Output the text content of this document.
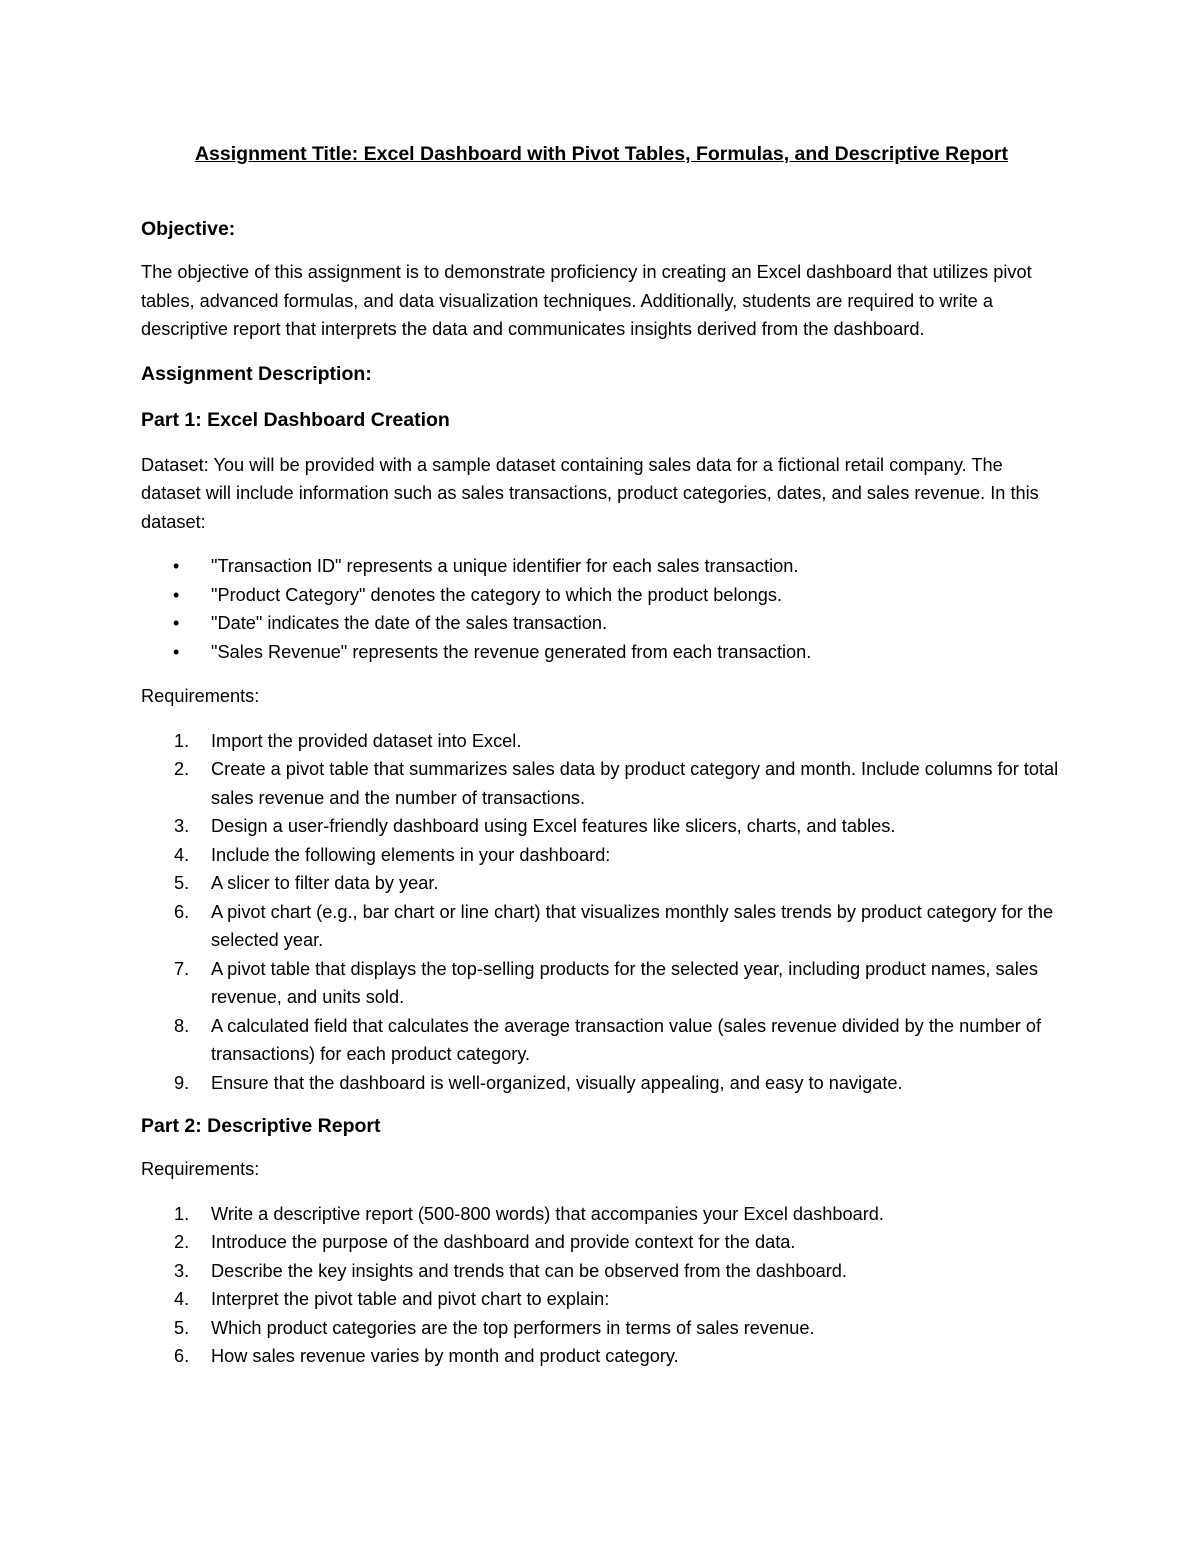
Assignment Title: Excel Dashboard with Pivot Tables, Formulas, and Descriptive Report
Objective:

The objective of this assignment is to demonstrate proficiency in creating an Excel dashboard that utilizes pivot tables, advanced formulas, and data visualization techniques. Additionally, students are required to write a descriptive report that interprets the data and communicates insights derived from the dashboard.

Assignment Description:
Part 1: Excel Dashboard Creation

Dataset: You will be provided with a sample dataset containing sales data for a fictional retail company. The dataset will include information such as sales transactions, product categories, dates, and sales revenue. In this dataset:

• "Transaction ID" represents a unique identifier for each sales transaction.
• "Product Category" denotes the category to which the product belongs.
• "Date" indicates the date of the sales transaction.
• "Sales Revenue" represents the revenue generated from each transaction.

Requirements:

1. Import the provided dataset into Excel.
2. Create a pivot table that summarizes sales data by product category and month. Include columns for total sales revenue and the number of transactions.
3. Design a user-friendly dashboard using Excel features like slicers, charts, and tables.
4. Include the following elements in your dashboard:
5. A slicer to filter data by year.
6. A pivot chart (e.g., bar chart or line chart) that visualizes monthly sales trends by product category for the selected year.
7. A pivot table that displays the top-selling products for the selected year, including product names, sales revenue, and units sold.
8. A calculated field that calculates the average transaction value (sales revenue divided by the number of transactions) for each product category.
9. Ensure that the dashboard is well-organized, visually appealing, and easy to navigate.
Part 2: Descriptive Report

Requirements:

1. Write a descriptive report (500-800 words) that accompanies your Excel dashboard.
2. Introduce the purpose of the dashboard and provide context for the data.
3. Describe the key insights and trends that can be observed from the dashboard.
4. Interpret the pivot table and pivot chart to explain:
5. Which product categories are the top performers in terms of sales revenue.
6. How sales revenue varies by month and product category.
